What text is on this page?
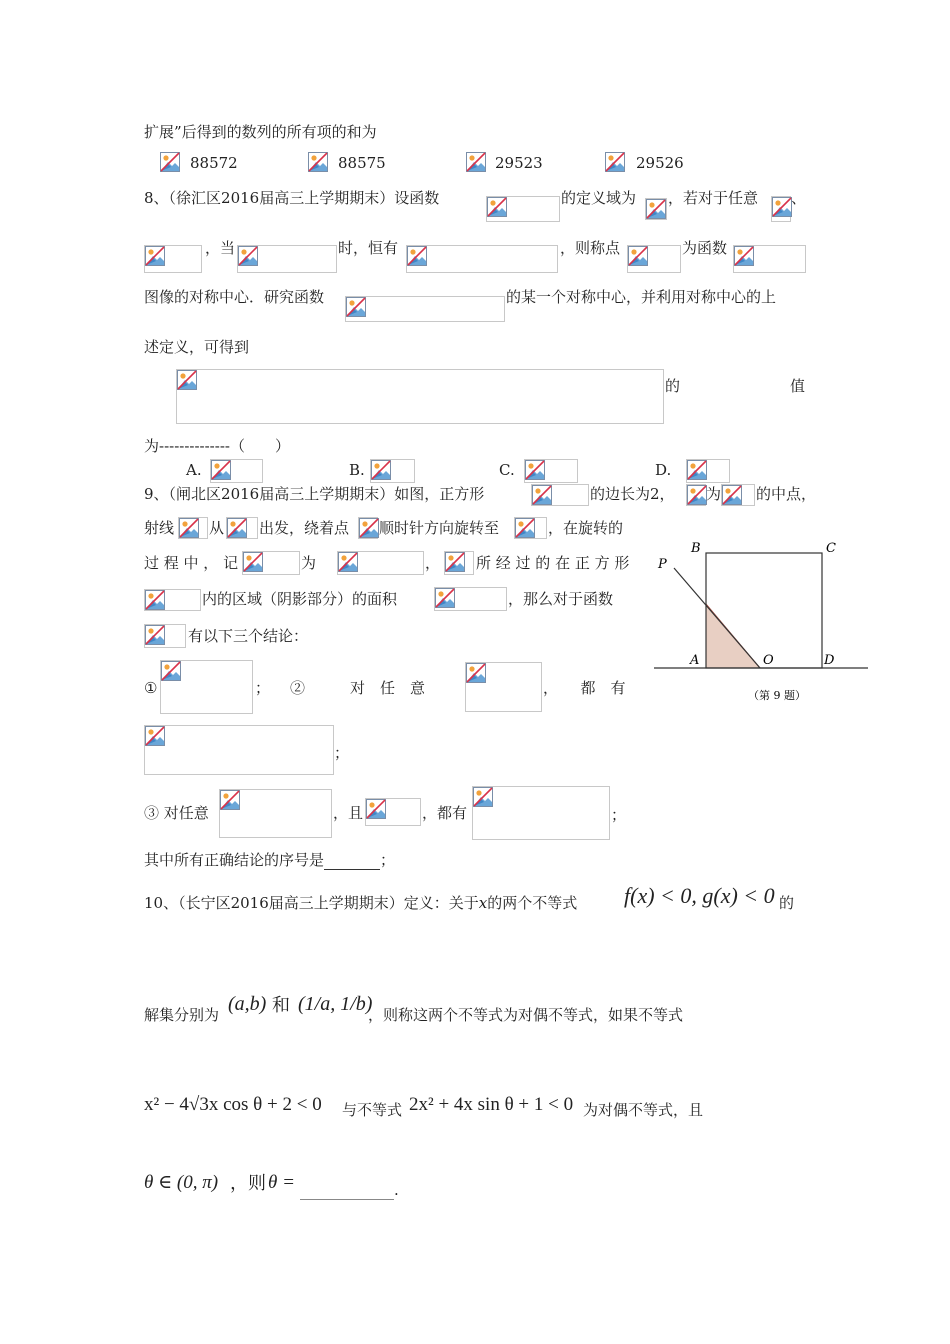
扩展”后得到的数列的所有项的和为
88572	88575	29523	29526
8、（徐汇区2016届高三上学期期末）设函数	的定义域为 ，若对于任意 、
，当	时，恒有	，则称点	为函数
图像的对称中心．研究函数	的某一个对称中心，并利用对称中心的上
述定义，可得到
的	值
为--------------（　　）
A.	B.	C.	D.
9、（闸北区2016届高三上学期期末）如图，正方形	的边长为2， 为 的中点，
射线 从 出发，绕着点 顺时针方向旋转至	，在旋转的
过 程 中 ， 记	为	， 所 经 过 的 在 正 方 形
内的区域（阴影部分）的面积	，那么对于函数
有以下三个结论：
①	； ②　　　对　任　意	，　　都　有
；
③ 对任意	，且	，都有	；
其中所有正确结论的序号是	；
B	C
P
A	O	D
（第 9 题）
10、（长宁区2016届高三上学期期末）定义：关于x的两个不等式 f(x) < 0, g(x) < 0 的
解集分别为 (a,b) 和 (1/a, 1/b)
，则称这两个不等式为对偶不等式，如果不等式
x² − 4√3x cos θ + 2 < 0 与不等式 2x² + 4x sin θ + 1 < 0 为对偶不等式，且
θ ∈ (0, π) ，则 θ =	.
